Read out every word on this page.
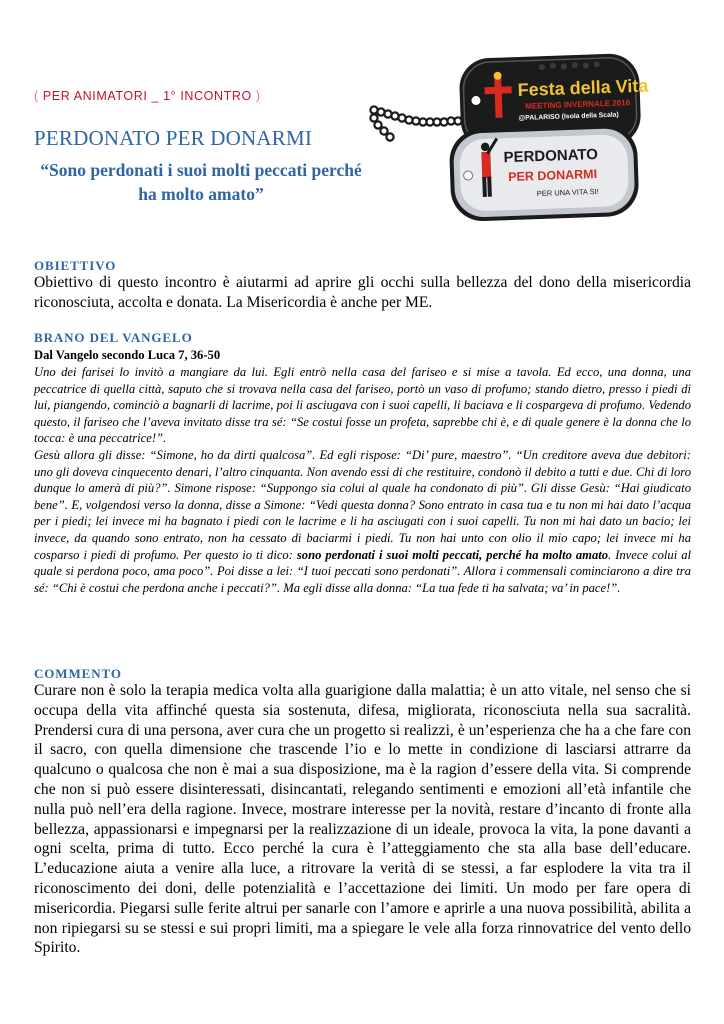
( PER ANIMATORI _ 1° INCONTRO )
PERDONATO PER DONARMI
“Sono perdonati i suoi molti peccati perché ha molto amato”
Festa della Vita
MEETING INVERNALE 2016
@PALARISO (Isola della Scala)
PERDONATO
PER DONARMI
PER UNA VITA SI!
OBIETTIVO
Obiettivo di questo incontro è aiutarmi ad aprire gli occhi sulla bellezza del dono della misericordia riconosciuta, accolta e donata. La Misericordia è anche per ME.
BRANO DEL VANGELO
Dal Vangelo secondo Luca 7, 36-50
Uno dei farisei lo invitò a mangiare da lui. Egli entrò nella casa del fariseo e si mise a tavola. Ed ecco, una donna, una peccatrice di quella città, saputo che si trovava nella casa del fariseo, portò un vaso di profumo; stando dietro, presso i piedi di lui, piangendo, cominciò a bagnarli di lacrime, poi li asciugava con i suoi capelli, li baciava e li cospargeva di profumo. Vedendo questo, il fariseo che l’aveva invitato disse tra sé: “Se costui fosse un profeta, saprebbe chi è, e di quale genere è la donna che lo tocca: è una peccatrice!”.
Gesù allora gli disse: “Simone, ho da dirti qualcosa”. Ed egli rispose: “Di’ pure, maestro”. “Un creditore aveva due debitori: uno gli doveva cinquecento denari, l’altro cinquanta. Non avendo essi di che restituire, condonò il debito a tutti e due. Chi di loro dunque lo amerà di più?”. Simone rispose: “Suppongo sia colui al quale ha condonato di più”. Gli disse Gesù: “Hai giudicato bene”. E, volgendosi verso la donna, disse a Simone: “Vedi questa donna? Sono entrato in casa tua e tu non mi hai dato l’acqua per i piedi; lei invece mi ha bagnato i piedi con le lacrime e li ha asciugati con i suoi capelli. Tu non mi hai dato un bacio; lei invece, da quando sono entrato, non ha cessato di baciarmi i piedi. Tu non hai unto con olio il mio capo; lei invece mi ha cosparso i piedi di profumo. Per questo io ti dico: sono perdonati i suoi molti peccati, perché ha molto amato. Invece colui al quale si perdona poco, ama poco”. Poi disse a lei: “I tuoi peccati sono perdonati”. Allora i commensali cominciarono a dire tra sé: “Chi è costui che perdona anche i peccati?”. Ma egli disse alla donna: “La tua fede ti ha salvata; va’ in pace!”.
COMMENTO
Curare non è solo la terapia medica volta alla guarigione dalla malattia; è un atto vitale, nel senso che si occupa della vita affinché questa sia sostenuta, difesa, migliorata, riconosciuta nella sua sacralità. Prendersi cura di una persona, aver cura che un progetto si realizzi, è un’esperienza che ha a che fare con il sacro, con quella dimensione che trascende l’io e lo mette in condizione di lasciarsi attrarre da qualcuno o qualcosa che non è mai a sua disposizione, ma è la ragion d’essere della vita. Si comprende che non si può essere disinteressati, disincantati, relegando sentimenti e emozioni all’età infantile che nulla può nell’era della ragione. Invece, mostrare interesse per la novità, restare d’incanto di fronte alla bellezza, appassionarsi e impegnarsi per la realizzazione di un ideale, provoca la vita, la pone davanti a ogni scelta, prima di tutto. Ecco perché la cura è l’atteggiamento che sta alla base dell’educare. L’educazione aiuta a venire alla luce, a ritrovare la verità di se stessi, a far esplodere la vita tra il riconoscimento dei doni, delle potenzialità e l’accettazione dei limiti. Un modo per fare opera di misericordia. Piegarsi sulle ferite altrui per sanarle con l’amore e aprirle a una nuova possibilità, abilita a non ripiegarsi su se stessi e sui propri limiti, ma a spiegare le vele alla forza rinnovatrice del vento dello Spirito.
